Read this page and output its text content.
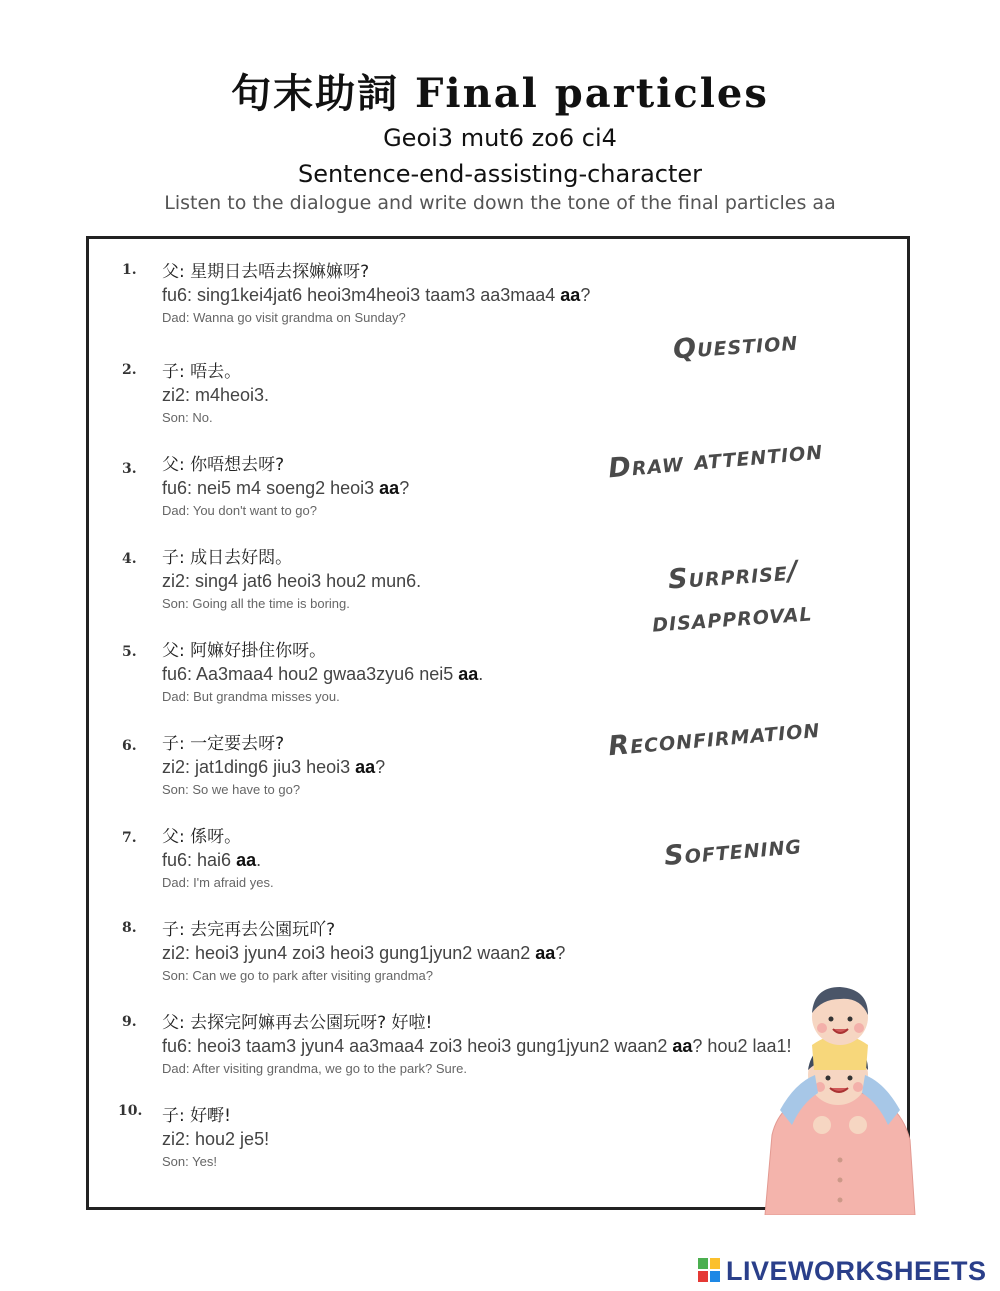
句末助詞 Final particles
Geoi3 mut6 zo6 ci4
Sentence-end-assisting-character
Listen to the dialogue and write down the tone of the final particles aa
1.	父: 星期日去唔去探嫲嫲呀?
fu6: sing1kei4jat6 heoi3m4heoi3 taam3 aa3maa4 aa?
Dad: Wanna go visit grandma on Sunday?
2.	子: 唔去。
zi2: m4heoi3.
Son: No.
3.	父: 你唔想去呀?
fu6: nei5 m4 soeng2 heoi3 aa?
Dad: You don't want to go?
4.	子: 成日去好悶。
zi2: sing4 jat6 heoi3 hou2 mun6.
Son: Going all the time is boring.
5.	父: 阿嫲好掛住你呀。
fu6: Aa3maa4 hou2 gwaa3zyu6 nei5 aa.
Dad: But grandma misses you.
6.	子: 一定要去呀?
zi2: jat1ding6 jiu3 heoi3 aa?
Son: So we have to go?
7.	父: 係呀。
fu6: hai6 aa.
Dad: I'm afraid yes.
8.	子: 去完再去公園玩吖?
zi2: heoi3 jyun4 zoi3 heoi3 gung1jyun2 waan2 aa?
Son: Can we go to park after visiting grandma?
9.	父: 去探完阿嫲再去公園玩呀? 好啦!
fu6: heoi3 taam3 jyun4 aa3maa4 zoi3 heoi3 gung1jyun2 waan2 aa? hou2 laa1!
Dad: After visiting grandma, we go to the park? Sure.
10.	子: 好嘢!
zi2: hou2 je5!
Son: Yes!
Question
Draw attention
Surprise/
disapproval
Reconfirmation
Softening
LIVEWORKSHEETS
